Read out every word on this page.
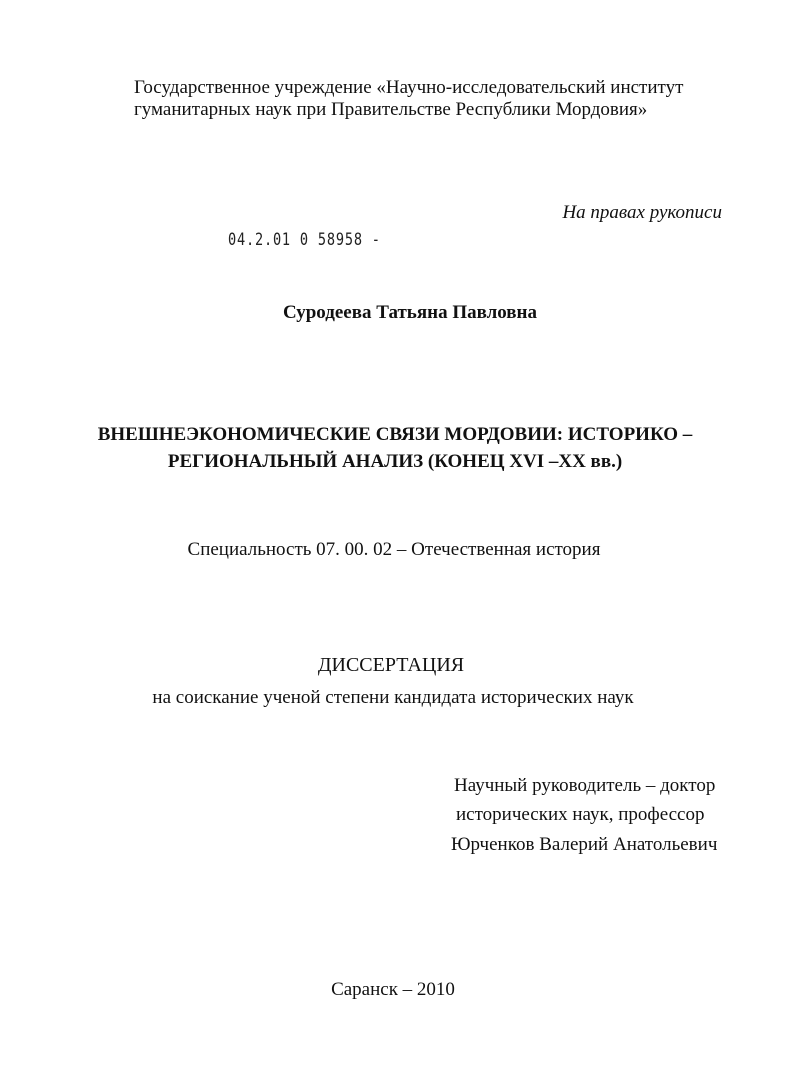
Государственное учреждение «Научно-исследовательский институт
гуманитарных наук при Правительстве Республики Мордовия»
На правах рукописи
04.2.01 0 58958 -
Суродеева Татьяна Павловна
ВНЕШНЕЭКОНОМИЧЕСКИЕ СВЯЗИ МОРДОВИИ: ИСТОРИКО –
РЕГИОНАЛЬНЫЙ АНАЛИЗ (КОНЕЦ XVI –XX вв.)
Специальность 07. 00. 02 – Отечественная история
ДИССЕРТАЦИЯ
на соискание ученой степени кандидата исторических наук
Научный руководитель – доктор
исторических наук, профессор
Юрченков Валерий Анатольевич
Саранск – 2010
